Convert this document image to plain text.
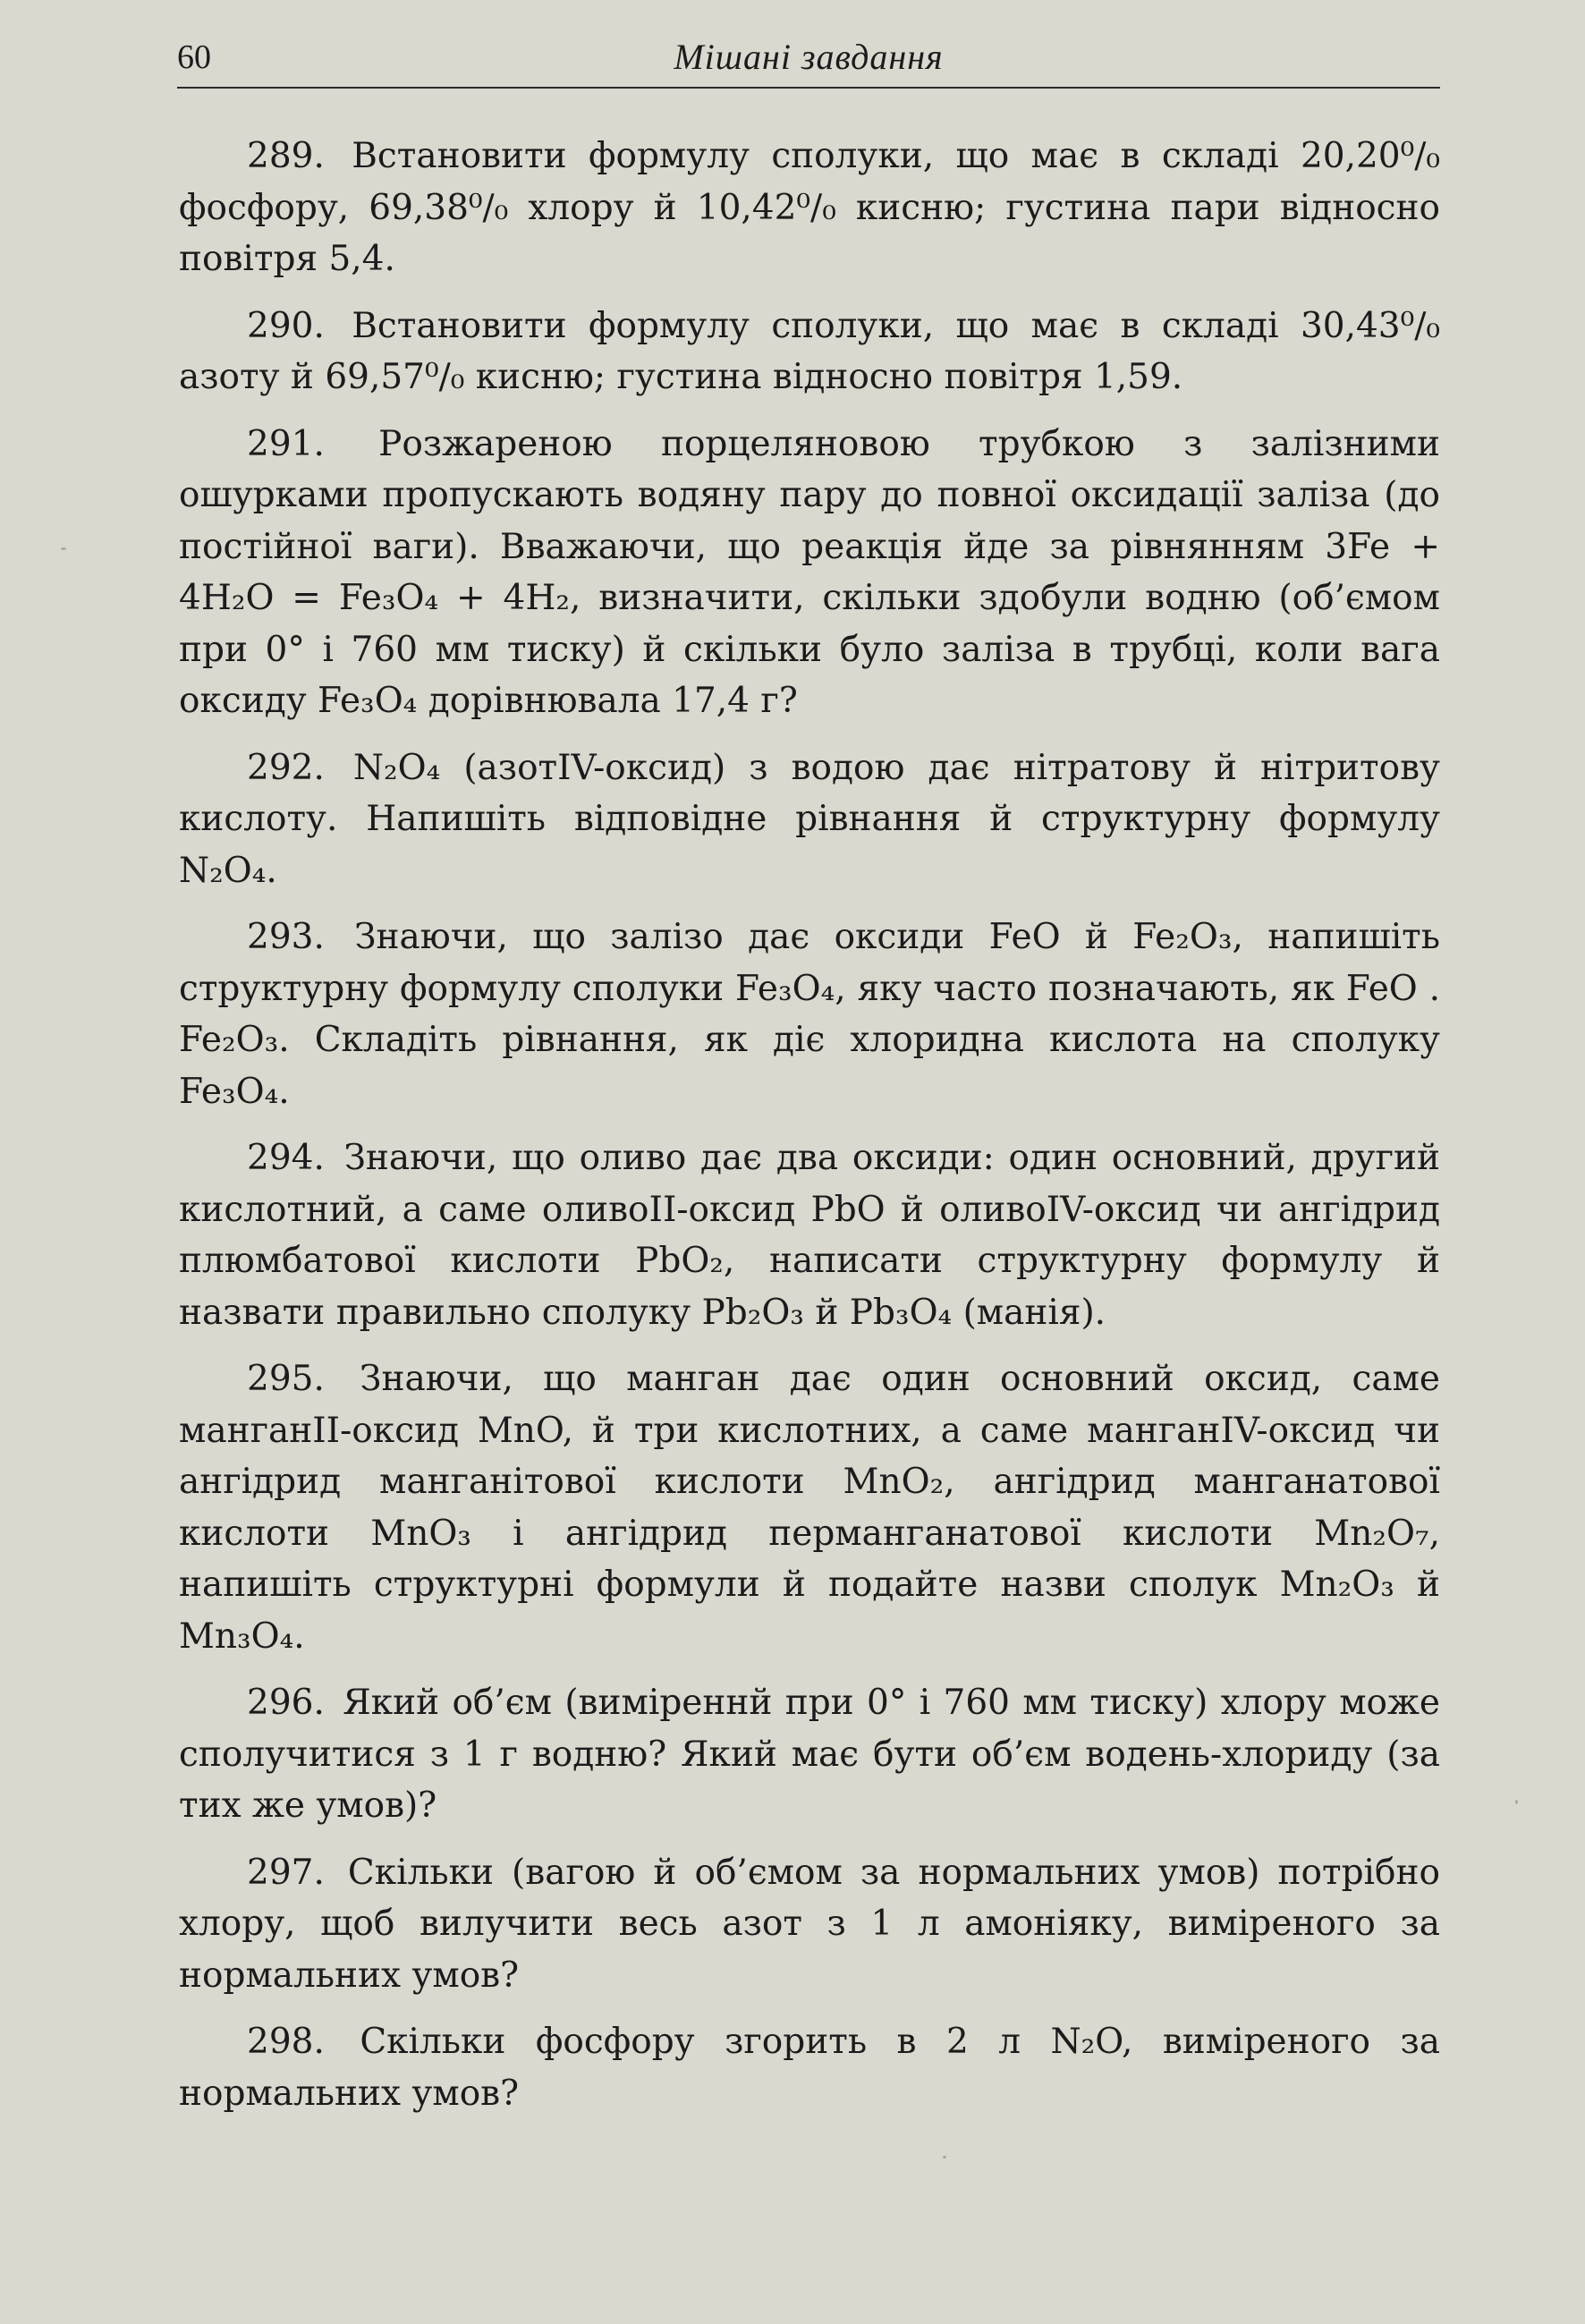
60	Мішані завдання

289. Встановити формулу сполуки, що має в складі 20,20⁰/₀ фосфору, 69,38⁰/₀ хлору й 10,42⁰/₀ кисню; густина пари відносно повітря 5,4.

290. Встановити формулу сполуки, що має в складі 30,43⁰/₀ азоту й 69,57⁰/₀ кисню; густина відносно повітря 1,59.

291. Розжареною порцеляновою трубкою з залізними ошурками пропускають водяну пару до повної оксидації заліза (до постійної ваги). Вважаючи, що реакція йде за рівнянням 3Fe + 4H₂O = Fe₃O₄ + 4H₂, визначити, скільки здобули водню (об’ємом при 0° і 760 мм тиску) й скільки було заліза в трубці, коли вага оксиду Fe₃O₄ дорівнювала 17,4 г?

292. N₂O₄ (азотIV-оксид) з водою дає нітратову й нітритову кислоту. Напишіть відповідне рівнання й структурну формулу N₂O₄.

293. Знаючи, що залізо дає оксиди FeO й Fe₂O₃, напишіть структурну формулу сполуки Fe₃O₄, яку часто позначають, як FeO . Fe₂O₃. Складіть рівнання, як діє хлоридна кислота на сполуку Fe₃O₄.

294. Знаючи, що оливо дає два оксиди: один основний, другий кислотний, а саме оливоII-оксид PbO й оливоIV-оксид чи ангідрид плюмбатової кислоти PbO₂, написати структурну формулу й назвати правильно сполуку Pb₂O₃ й Pb₃O₄ (манія).

295. Знаючи, що манган дає один основний оксид, саме манганII-оксид MnO, й три кислотних, а саме манганIV-оксид чи ангідрид манганітової кислоти MnO₂, ангідрид манганатової кислоти MnO₃ і ангідрид перманганатової кислоти Mn₂O₇, напишіть структурні формули й подайте назви сполук Mn₂O₃ й Mn₃O₄.

296. Який об’єм (виміреннй при 0° і 760 мм тиску) хлору може сполучитися з 1 г водню? Який має бути об’єм водень-хлориду (за тих же умов)?

297. Скільки (вагою й об’ємом за нормальних умов) потрібно хлору, щоб вилучити весь азот з 1 л амоніяку, виміреного за нормальних умов?

298. Скільки фосфору згорить в 2 л N₂O, виміреного за нормальних умов?
